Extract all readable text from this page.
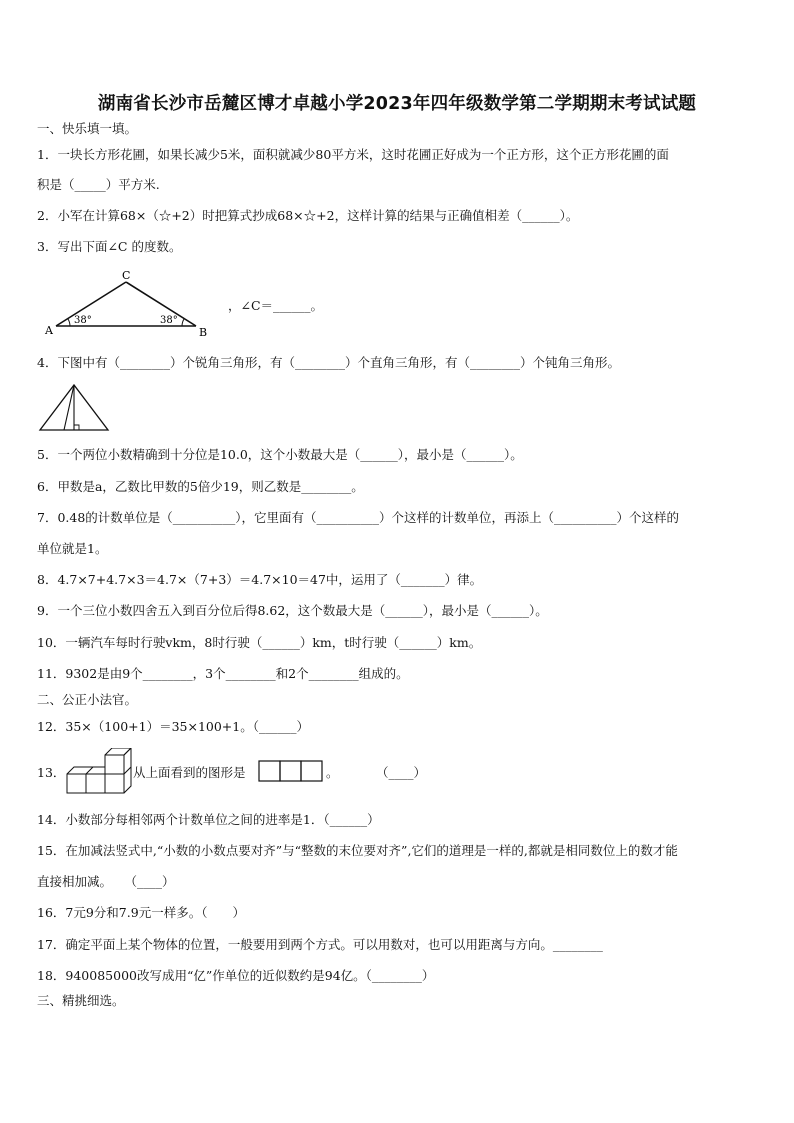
湖南省长沙市岳麓区博才卓越小学2023年四年级数学第二学期期末考试试题
一、快乐填一填。
1．一块长方形花圃，如果长减少5米，面积就减少80平方米，这时花圃正好成为一个正方形，这个正方形花圃的面
积是（_____）平方米.
2．小军在计算68×（☆+2）时把算式抄成68×☆+2，这样计算的结果与正确值相差（______）。
3．写出下面∠C 的度数。
A	B
C
38°	38°
，∠C＝______。
4．下图中有（________）个锐角三角形，有（________）个直角三角形，有（________）个钝角三角形。
5．一个两位小数精确到十分位是10.0，这个小数最大是（______），最小是（______）。
6．甲数是a，乙数比甲数的5倍少19，则乙数是________。
7．0.48的计数单位是（__________），它里面有（__________）个这样的计数单位，再添上（__________）个这样的
单位就是1。
8．4.7×7+4.7×3＝4.7×（7+3）＝4.7×10＝47中，运用了（_______）律。
9．一个三位小数四舍五入到百分位后得8.62，这个数最大是（______），最小是（______）。
10．一辆汽车每时行驶vkm，8时行驶（______）km，t时行驶（______）km。
11．9302是由9个________，3个________和2个________组成的。
二、公正小法官。
12．35×（100+1）＝35×100+1。（______）
13．	从上面看到的图形是	。　　　　（____）
14．小数部分每相邻两个计数单位之间的进率是1．（______）
15．在加减法竖式中,“小数的小数点要对齐”与“整数的末位要对齐”,它们的道理是一样的,都就是相同数位上的数才能
直接相加减。　　（____）
16．7元9分和7.9元一样多。（　　）
17．确定平面上某个物体的位置，一般要用到两个方式。可以用数对，也可以用距离与方向。________
18．940085000改写成用“亿”作单位的近似数约是94亿。（________）
三、精挑细选。
